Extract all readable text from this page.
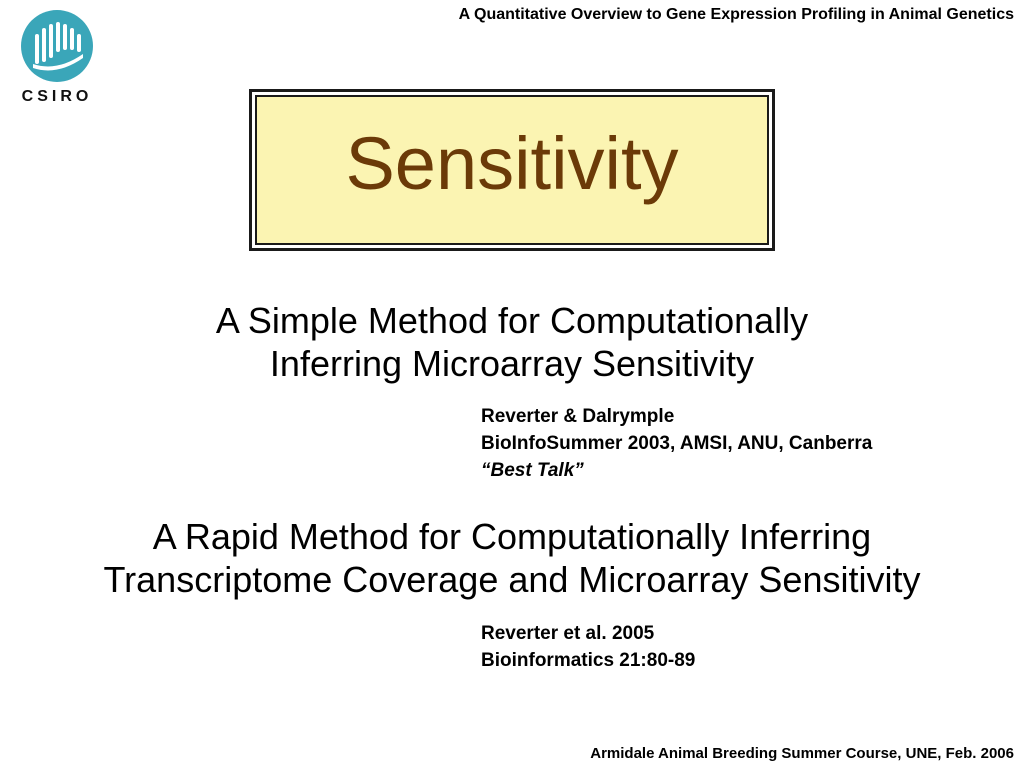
CSIRO
A Quantitative Overview to Gene Expression Profiling in Animal Genetics
Sensitivity
A Simple Method for Computationally
Inferring Microarray Sensitivity
Reverter & Dalrymple
BioInfoSummer 2003, AMSI, ANU, Canberra
“Best Talk”
A Rapid Method for Computationally Inferring
Transcriptome Coverage and Microarray Sensitivity
Reverter et al. 2005
Bioinformatics 21:80-89
Armidale Animal Breeding Summer Course, UNE, Feb. 2006
